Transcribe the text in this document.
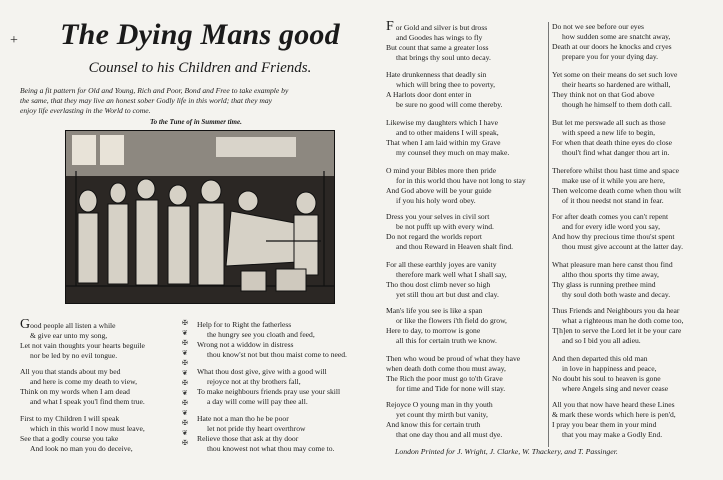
+	The Dying Mans good
Counsel to his Children and Friends.
Being a fit pattern for Old and Young, Rich and Poor, Bond and Free to take example by
the same, that they may live an honest sober Godly life in this world; that they may
enjoy life everlasting in the World to come.
To the Tune of in Summer time.
Good people all listen a while
& give ear unto my song,
Let not vain thoughts your hearts beguile
nor be led by no evil tongue.
All you that stands about my bed
and here is come my death to view,
Think on my words when I am dead
and what I speak you'l find them true.
First to my Children I will speak
which in this world I now must leave,
See that a godly course you take
And look no man you do deceive,
✠
❦
✠
❦
✠
❦
✠
❦
✠
❦
✠
❦
✠
Help for to Right the fatherless
the hungry see you cloath and feed,
Wrong not a widdow in distress
thou know'st not but thou maist come to need.
What thou dost give, give with a good will
rejoyce not at thy brothers fall,
To make neighbours friends pray use your skill
a day will come will pay thee all.
Hate not a man tho he be poor
let not pride thy heart overthrow
Relieve those that ask at thy door
thou knowest not what thou may come to.
F or Gold and silver is but dross
and Goodes has wings to fly
But count that same a greater loss
that brings thy soul unto decay.
Hate drunkenness that deadly sin
which will bring thee to poverty,
A Harlots door dont enter in
be sure no good will come thereby.
Likewise my daughters which I have
and to other maidens I will speak,
That when I am laid within my Grave
my counsel they much on may make.
O mind your Bibles more then pride
for in this world thou have not long to stay
And God above will be your guide
if you his holy word obey.
Dress you your selves in civil sort
be not pufft up with every wind.
Do not regard the worlds report
and thou Reward in Heaven shalt find.
For all these earthly joyes are vanity
therefore mark well what I shall say,
Tho thou dost climb never so high
yet still thou art but dust and clay.
Man's life you see is like a span
or like the flowers i'th field do grow,
Here to day, to morrow is gone
all this for certain truth we know.
Then who woud be proud of what they have
when death doth come thou must away,
The Rich the poor must go to'th Grave
for time and Tide for none will stay.
Rejoyce O young man in thy youth
yet count thy mirth but vanity,
And know this for certain truth
that one day thou and all must dye.
Do not we see before our eyes
how sudden some are snatcht away,
Death at our doors he knocks and cryes
prepare you for your dying day.
Yet some on their means do set such love
their hearts so hardened are withall,
They think not on that God above
though he himself to them doth call.
But let me perswade all such as those
with speed a new life to begin,
For when that death thine eyes do close
thoul't find what danger thou art in.
Therefore whilst thou hast time and space
make use of it while you are here,
Then welcome death come when thou wilt
of it thou needst not stand in fear.
For after death comes you can't repent
and for every idle word you say,
And how thy precious time thou'st spent
thou must give account at the latter day.
What pleasure man here canst thou find
altho thou sports thy time away,
Thy glass is running prethee mind
thy soul doth both waste and decay.
Thus Friends and Neighbours you da hear
what a righteous man he doth come too,
T[h]en to serve the Lord let it be your care
and so I bid you all adieu.
And then departed this old man
in love in happiness and peace,
No doubt his soul to heaven is gone
where Angels sing and never cease
All you that now have heard these Lines
& mark these words which here is pen'd,
I pray you bear them in your mind
that you may make a Godly End.
London Printed for J. Wright, J. Clarke, W. Thackery, and T. Passinger.
